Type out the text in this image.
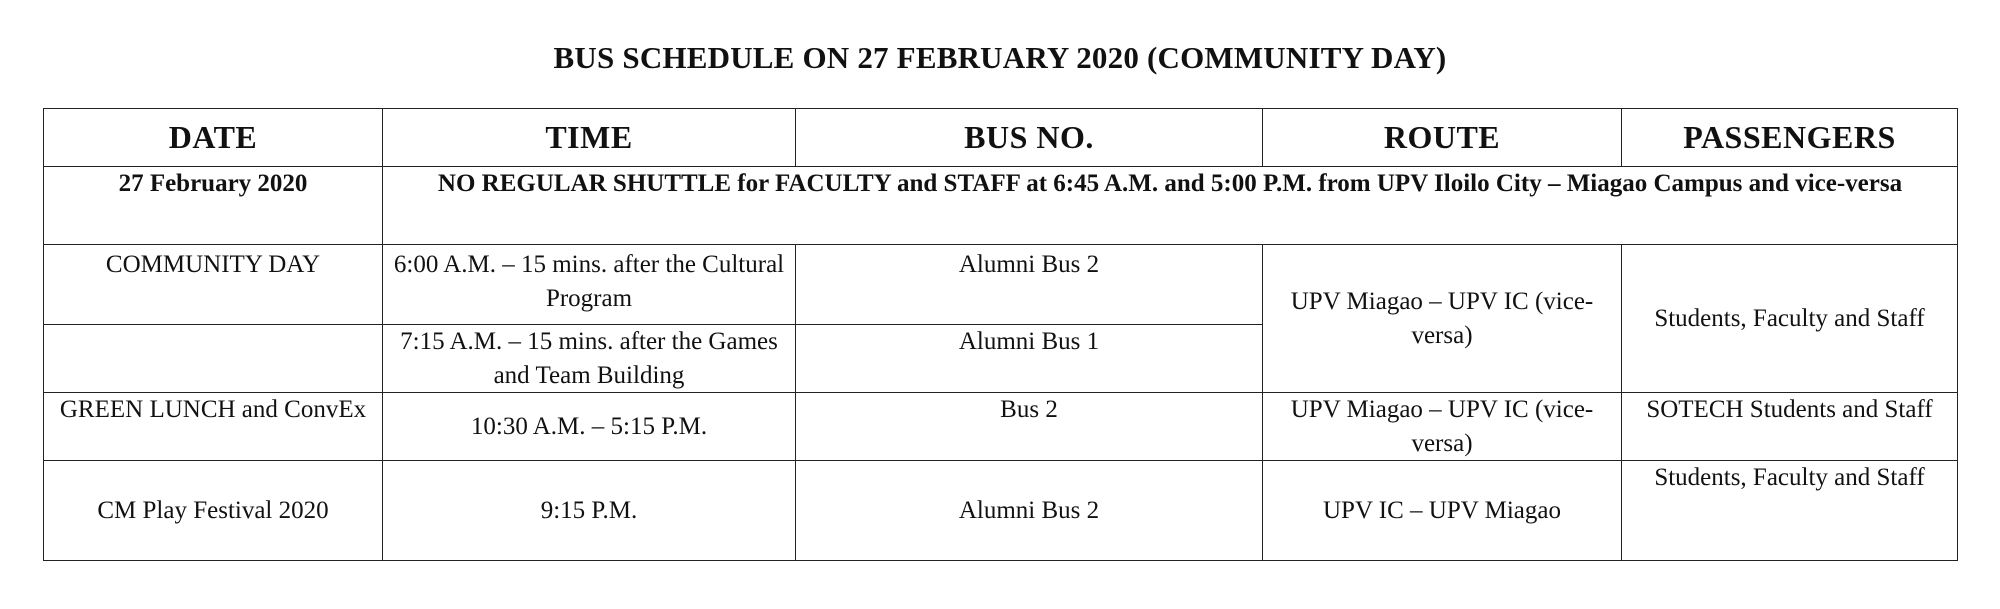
BUS SCHEDULE ON 27 FEBRUARY 2020 (COMMUNITY DAY)
DATE	TIME	BUS NO.	ROUTE	PASSENGERS
27 February 2020	NO REGULAR SHUTTLE for FACULTY and STAFF at 6:45 A.M. and 5:00 P.M. from UPV Iloilo City – Miagao Campus and vice-versa			
COMMUNITY DAY	6:00 A.M. – 15 mins. after the Cultural Program	Alumni Bus 2	UPV Miagao – UPV IC (vice-versa)	Students, Faculty and Staff
	7:15 A.M. – 15 mins. after the Games and Team Building	Alumni Bus 1		
GREEN LUNCH and ConvEx	10:30 A.M. – 5:15 P.M.	Bus 2	UPV Miagao – UPV IC (vice-versa)	SOTECH Students and Staff
CM Play Festival 2020	9:15 P.M.	Alumni Bus 2	UPV IC – UPV Miagao	Students, Faculty and Staff
